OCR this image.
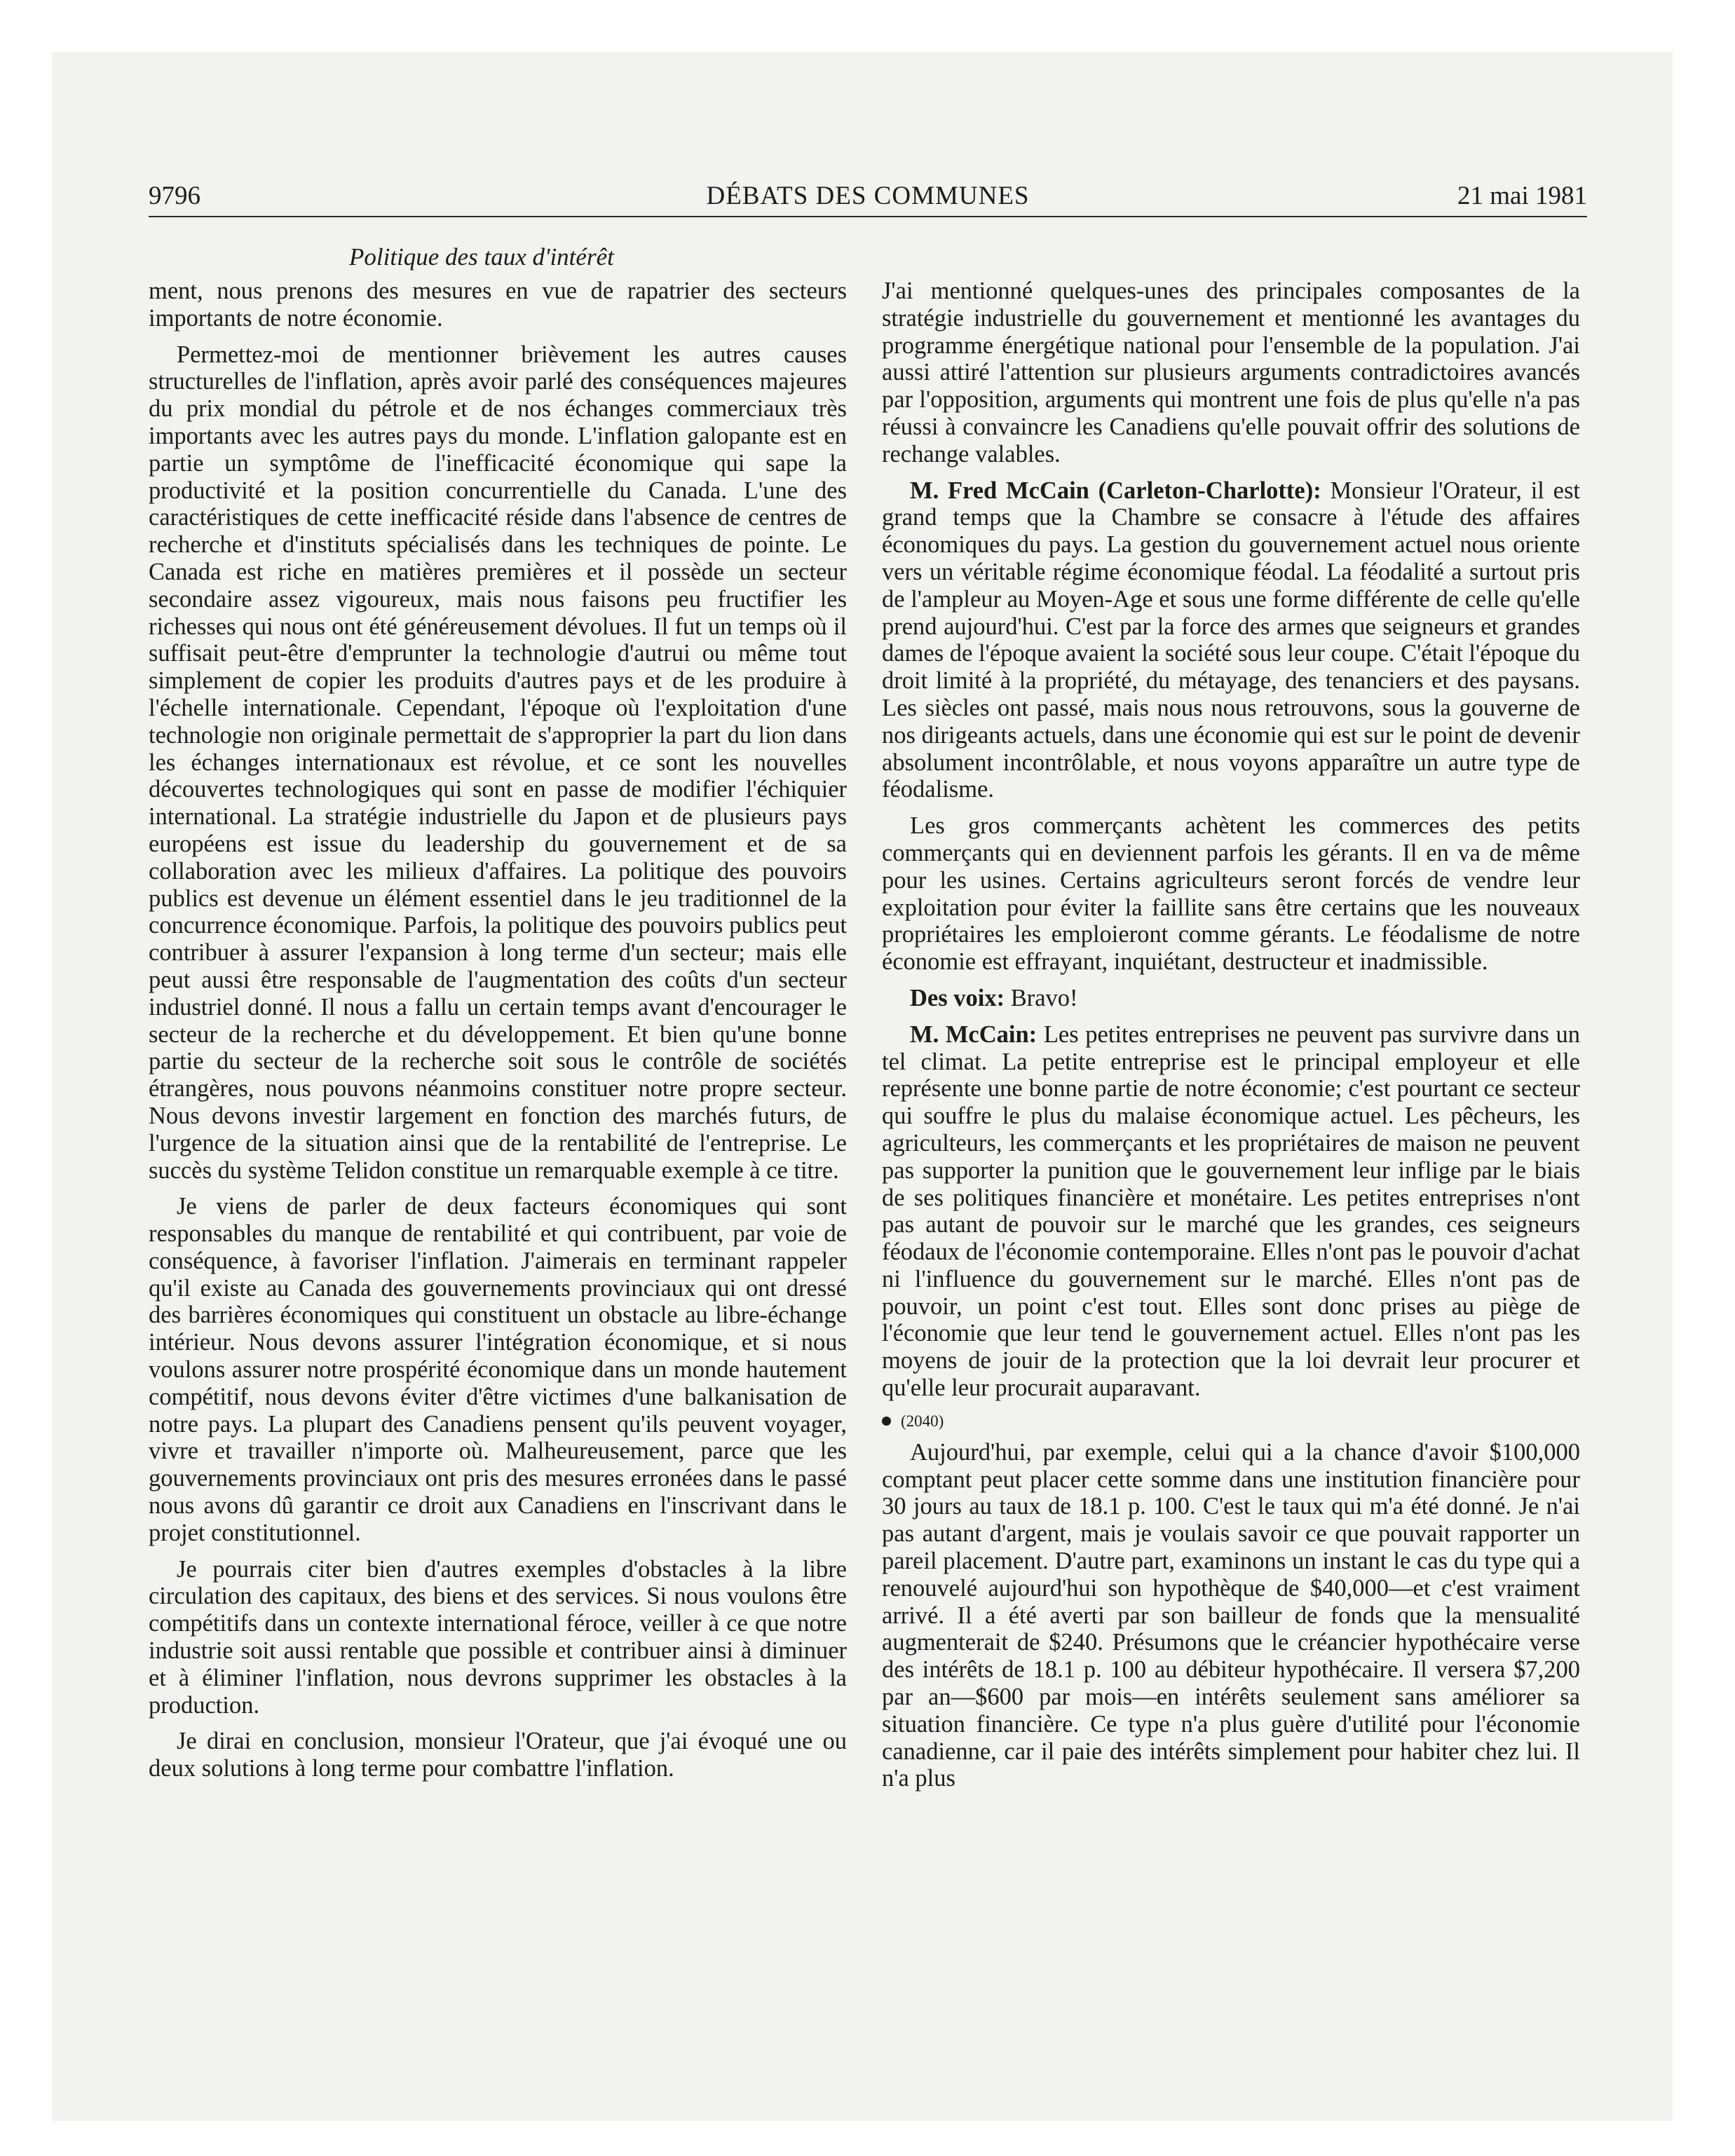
9796	DÉBATS DES COMMUNES	21 mai 1981
Politique des taux d'intérêt

ment, nous prenons des mesures en vue de rapatrier des secteurs importants de notre économie.

Permettez-moi de mentionner brièvement les autres causes structurelles de l'inflation, après avoir parlé des conséquences majeures du prix mondial du pétrole et de nos échanges commerciaux très importants avec les autres pays du monde. L'inflation galopante est en partie un symptôme de l'inefficacité économique qui sape la productivité et la position concurrentielle du Canada. L'une des caractéristiques de cette inefficacité réside dans l'absence de centres de recherche et d'instituts spécialisés dans les techniques de pointe. Le Canada est riche en matières premières et il possède un secteur secondaire assez vigoureux, mais nous faisons peu fructifier les richesses qui nous ont été généreusement dévolues. Il fut un temps où il suffisait peut-être d'emprunter la technologie d'autrui ou même tout simplement de copier les produits d'autres pays et de les produire à l'échelle internationale. Cependant, l'époque où l'exploitation d'une technologie non originale permettait de s'approprier la part du lion dans les échanges internationaux est révolue, et ce sont les nouvelles découvertes technologiques qui sont en passe de modifier l'échiquier international. La stratégie industrielle du Japon et de plusieurs pays européens est issue du leadership du gouvernement et de sa collaboration avec les milieux d'affaires. La politique des pouvoirs publics est devenue un élément essentiel dans le jeu traditionnel de la concurrence économique. Parfois, la politique des pouvoirs publics peut contribuer à assurer l'expansion à long terme d'un secteur; mais elle peut aussi être responsable de l'augmentation des coûts d'un secteur industriel donné. Il nous a fallu un certain temps avant d'encourager le secteur de la recherche et du développement. Et bien qu'une bonne partie du secteur de la recherche soit sous le contrôle de sociétés étrangères, nous pouvons néanmoins constituer notre propre secteur. Nous devons investir largement en fonction des marchés futurs, de l'urgence de la situation ainsi que de la rentabilité de l'entreprise. Le succès du système Telidon constitue un remarquable exemple à ce titre.

Je viens de parler de deux facteurs économiques qui sont responsables du manque de rentabilité et qui contribuent, par voie de conséquence, à favoriser l'inflation. J'aimerais en terminant rappeler qu'il existe au Canada des gouvernements provinciaux qui ont dressé des barrières économiques qui constituent un obstacle au libre-échange intérieur. Nous devons assurer l'intégration économique, et si nous voulons assurer notre prospérité économique dans un monde hautement compétitif, nous devons éviter d'être victimes d'une balkanisation de notre pays. La plupart des Canadiens pensent qu'ils peuvent voyager, vivre et travailler n'importe où. Malheureusement, parce que les gouvernements provinciaux ont pris des mesures erronées dans le passé nous avons dû garantir ce droit aux Canadiens en l'inscrivant dans le projet constitutionnel.

Je pourrais citer bien d'autres exemples d'obstacles à la libre circulation des capitaux, des biens et des services. Si nous voulons être compétitifs dans un contexte international féroce, veiller à ce que notre industrie soit aussi rentable que possible et contribuer ainsi à diminuer et à éliminer l'inflation, nous devrons supprimer les obstacles à la production.

Je dirai en conclusion, monsieur l'Orateur, que j'ai évoqué une ou deux solutions à long terme pour combattre l'inflation.

J'ai mentionné quelques-unes des principales composantes de la stratégie industrielle du gouvernement et mentionné les avantages du programme énergétique national pour l'ensemble de la population. J'ai aussi attiré l'attention sur plusieurs arguments contradictoires avancés par l'opposition, arguments qui montrent une fois de plus qu'elle n'a pas réussi à convaincre les Canadiens qu'elle pouvait offrir des solutions de rechange valables.

M. Fred McCain (Carleton-Charlotte): Monsieur l'Orateur, il est grand temps que la Chambre se consacre à l'étude des affaires économiques du pays. La gestion du gouvernement actuel nous oriente vers un véritable régime économique féodal. La féodalité a surtout pris de l'ampleur au Moyen-Age et sous une forme différente de celle qu'elle prend aujourd'hui. C'est par la force des armes que seigneurs et grandes dames de l'époque avaient la société sous leur coupe. C'était l'époque du droit limité à la propriété, du métayage, des tenanciers et des paysans. Les siècles ont passé, mais nous nous retrouvons, sous la gouverne de nos dirigeants actuels, dans une économie qui est sur le point de devenir absolument incontrôlable, et nous voyons apparaître un autre type de féodalisme.

Les gros commerçants achètent les commerces des petits commerçants qui en deviennent parfois les gérants. Il en va de même pour les usines. Certains agriculteurs seront forcés de vendre leur exploitation pour éviter la faillite sans être certains que les nouveaux propriétaires les emploieront comme gérants. Le féodalisme de notre économie est effrayant, inquiétant, destructeur et inadmissible.

Des voix: Bravo!

M. McCain: Les petites entreprises ne peuvent pas survivre dans un tel climat. La petite entreprise est le principal employeur et elle représente une bonne partie de notre économie; c'est pourtant ce secteur qui souffre le plus du malaise économique actuel. Les pêcheurs, les agriculteurs, les commerçants et les propriétaires de maison ne peuvent pas supporter la punition que le gouvernement leur inflige par le biais de ses politiques financière et monétaire. Les petites entreprises n'ont pas autant de pouvoir sur le marché que les grandes, ces seigneurs féodaux de l'économie contemporaine. Elles n'ont pas le pouvoir d'achat ni l'influence du gouvernement sur le marché. Elles n'ont pas de pouvoir, un point c'est tout. Elles sont donc prises au piège de l'économie que leur tend le gouvernement actuel. Elles n'ont pas les moyens de jouir de la protection que la loi devrait leur procurer et qu'elle leur procurait auparavant.

(2040)

Aujourd'hui, par exemple, celui qui a la chance d'avoir $100,000 comptant peut placer cette somme dans une institution financière pour 30 jours au taux de 18.1 p. 100. C'est le taux qui m'a été donné. Je n'ai pas autant d'argent, mais je voulais savoir ce que pouvait rapporter un pareil placement. D'autre part, examinons un instant le cas du type qui a renouvelé aujourd'hui son hypothèque de $40,000—et c'est vraiment arrivé. Il a été averti par son bailleur de fonds que la mensualité augmenterait de $240. Présumons que le créancier hypothécaire verse des intérêts de 18.1 p. 100 au débiteur hypothécaire. Il versera $7,200 par an—$600 par mois—en intérêts seulement sans améliorer sa situation financière. Ce type n'a plus guère d'utilité pour l'économie canadienne, car il paie des intérêts simplement pour habiter chez lui. Il n'a plus
